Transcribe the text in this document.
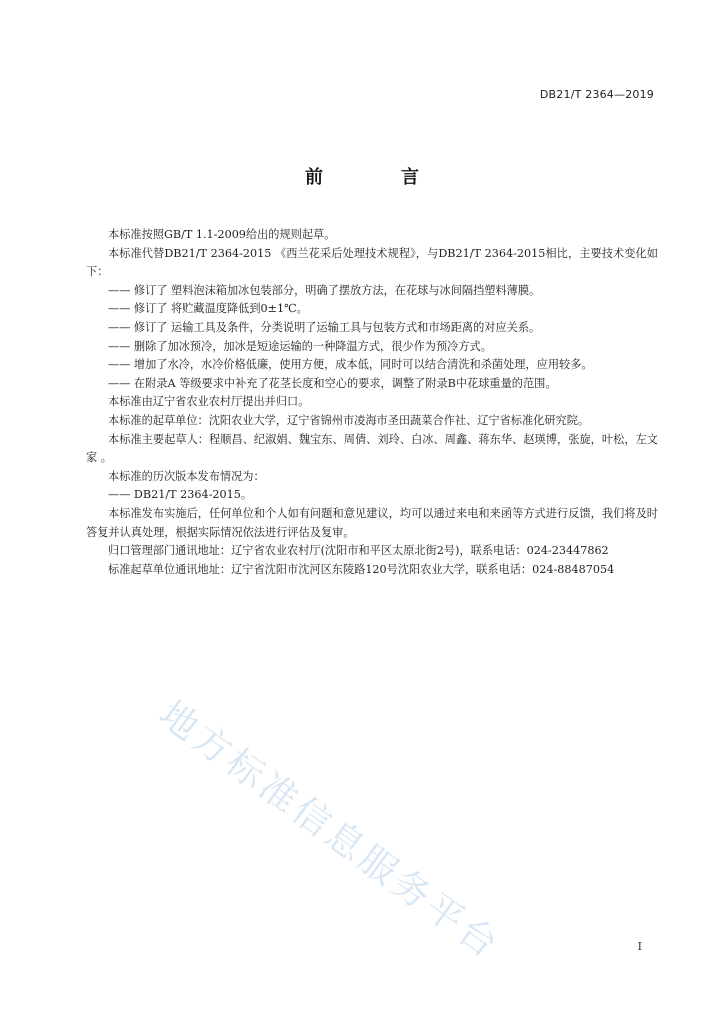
DB21/T 2364—2019
前　言

本标准按照GB/T 1.1-2009给出的规则起草。

本标准代替DB21/T 2364-2015 《西兰花采后处理技术规程》，与DB21/T 2364-2015相比，主要技术变化如下：

—— 修订了 塑料泡沫箱加冰包装部分，明确了摆放方法，在花球与冰间隔挡塑料薄膜。

—— 修订了 将贮藏温度降低到0±1℃。

—— 修订了 运输工具及条件，分类说明了运输工具与包装方式和市场距离的对应关系。

—— 删除了加冰预冷，加冰是短途运输的一种降温方式，很少作为预冷方式。

—— 增加了水冷，水冷价格低廉，使用方便，成本低，同时可以结合清洗和杀菌处理，应用较多。

—— 在附录A 等级要求中补充了花茎长度和空心的要求，调整了附录B中花球重量的范围。

本标准由辽宁省农业农村厅提出并归口。

本标准的起草单位：沈阳农业大学，辽宁省锦州市凌海市圣田蔬菜合作社、辽宁省标准化研究院。

本标准主要起草人：程顺昌、纪淑娟、魏宝东、周倩、刘玲、白冰、周鑫、蒋东华、赵瑛博，张旋，叶松，左文家 。

本标准的历次版本发布情况为：

—— DB21/T 2364-2015。

本标准发布实施后，任何单位和个人如有问题和意见建议，均可以通过来电和来函等方式进行反馈，我们将及时答复并认真处理，根据实际情况依法进行评估及复审。

归口管理部门通讯地址：辽宁省农业农村厅(沈阳市和平区太原北街2号)，联系电话：024-23447862

标准起草单位通讯地址：辽宁省沈阳市沈河区东陵路120号沈阳农业大学，联系电话：024-88487054

地方标准信息服务平台	I
